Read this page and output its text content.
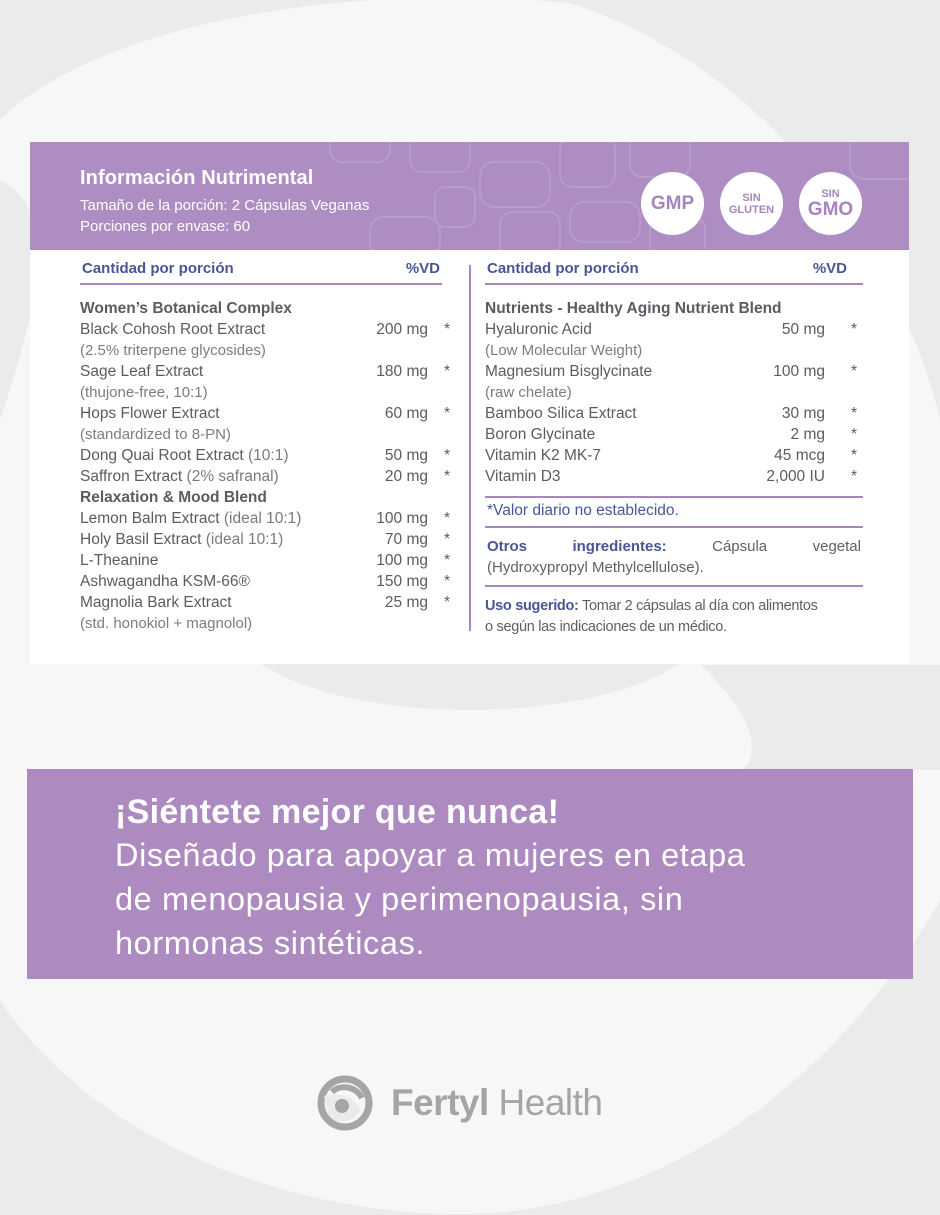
Información Nutrimental

Tamaño de la porción: 2 Cápsulas Veganas

Porciones por envase: 60

GMP	SIN
GLUTEN
SIN
GMO
Cantidad por porción	%VD
Women’s Botanical Complex
Black Cohosh Root Extract	200 mg	*
(2.5% triterpene glycosides)
Sage Leaf Extract	180 mg	*
(thujone-free, 10:1)
Hops Flower Extract	60 mg	*
(standardized to 8-PN)
Dong Quai Root Extract (10:1)	50 mg	*
Saffron Extract (2% safranal)	20 mg	*
Relaxation & Mood Blend
Lemon Balm Extract (ideal 10:1)	100 mg	*
Holy Basil Extract (ideal 10:1)	70 mg	*
L-Theanine	100 mg	*
Ashwagandha KSM-66®	150 mg	*
Magnolia Bark Extract	25 mg	*
(std. honokiol + magnolol)
Cantidad por porción	%VD
Nutrients - Healthy Aging Nutrient Blend
Hyaluronic Acid	50 mg	*
(Low Molecular Weight)
Magnesium Bisglycinate	100 mg	*
(raw chelate)
Bamboo Silica Extract	30 mg	*
Boron Glycinate	2 mg	*
Vitamin K2 MK-7	45 mcg	*
Vitamin D3	2,000 IU	*
*Valor diario no establecido.
Otros	ingredientes:	Cápsula	vegetal
(Hydroxypropyl Methylcellulose).
Uso sugerido: Tomar 2 cápsulas al día con alimentos
o según las indicaciones de un médico.
¡Siéntete mejor que nunca!

Diseñado para apoyar a mujeres en etapa

de menopausia y perimenopausia, sin

hormonas sintéticas.

Fertyl Health
